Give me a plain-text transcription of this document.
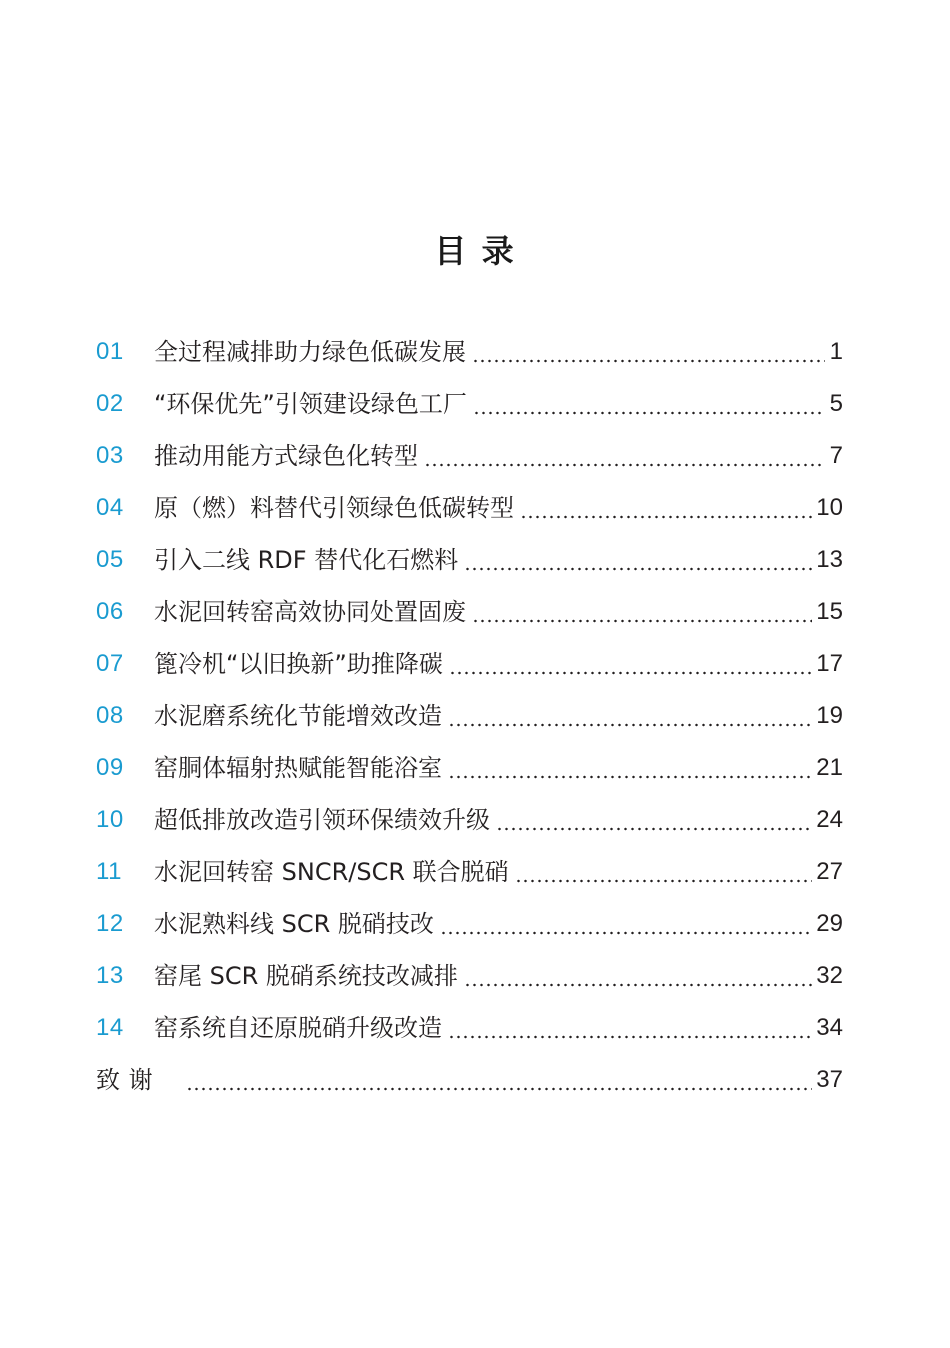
目 录
01	全过程减排助力绿色低碳发展	1
02	“环保优先”引领建设绿色工厂	5
03	推动用能方式绿色化转型	7
04	原（燃）料替代引领绿色低碳转型	10
05	引入二线 RDF 替代化石燃料	13
06	水泥回转窑高效协同处置固废	15
07	篦冷机“以旧换新”助推降碳	17
08	水泥磨系统化节能增效改造	19
09	窑胴体辐射热赋能智能浴室	21
10	超低排放改造引领环保绩效升级	24
11	水泥回转窑 SNCR/SCR 联合脱硝	27
12	水泥熟料线 SCR 脱硝技改	29
13	窑尾 SCR 脱硝系统技改减排	32
14	窑系统自还原脱硝升级改造	34
致 谢	37
